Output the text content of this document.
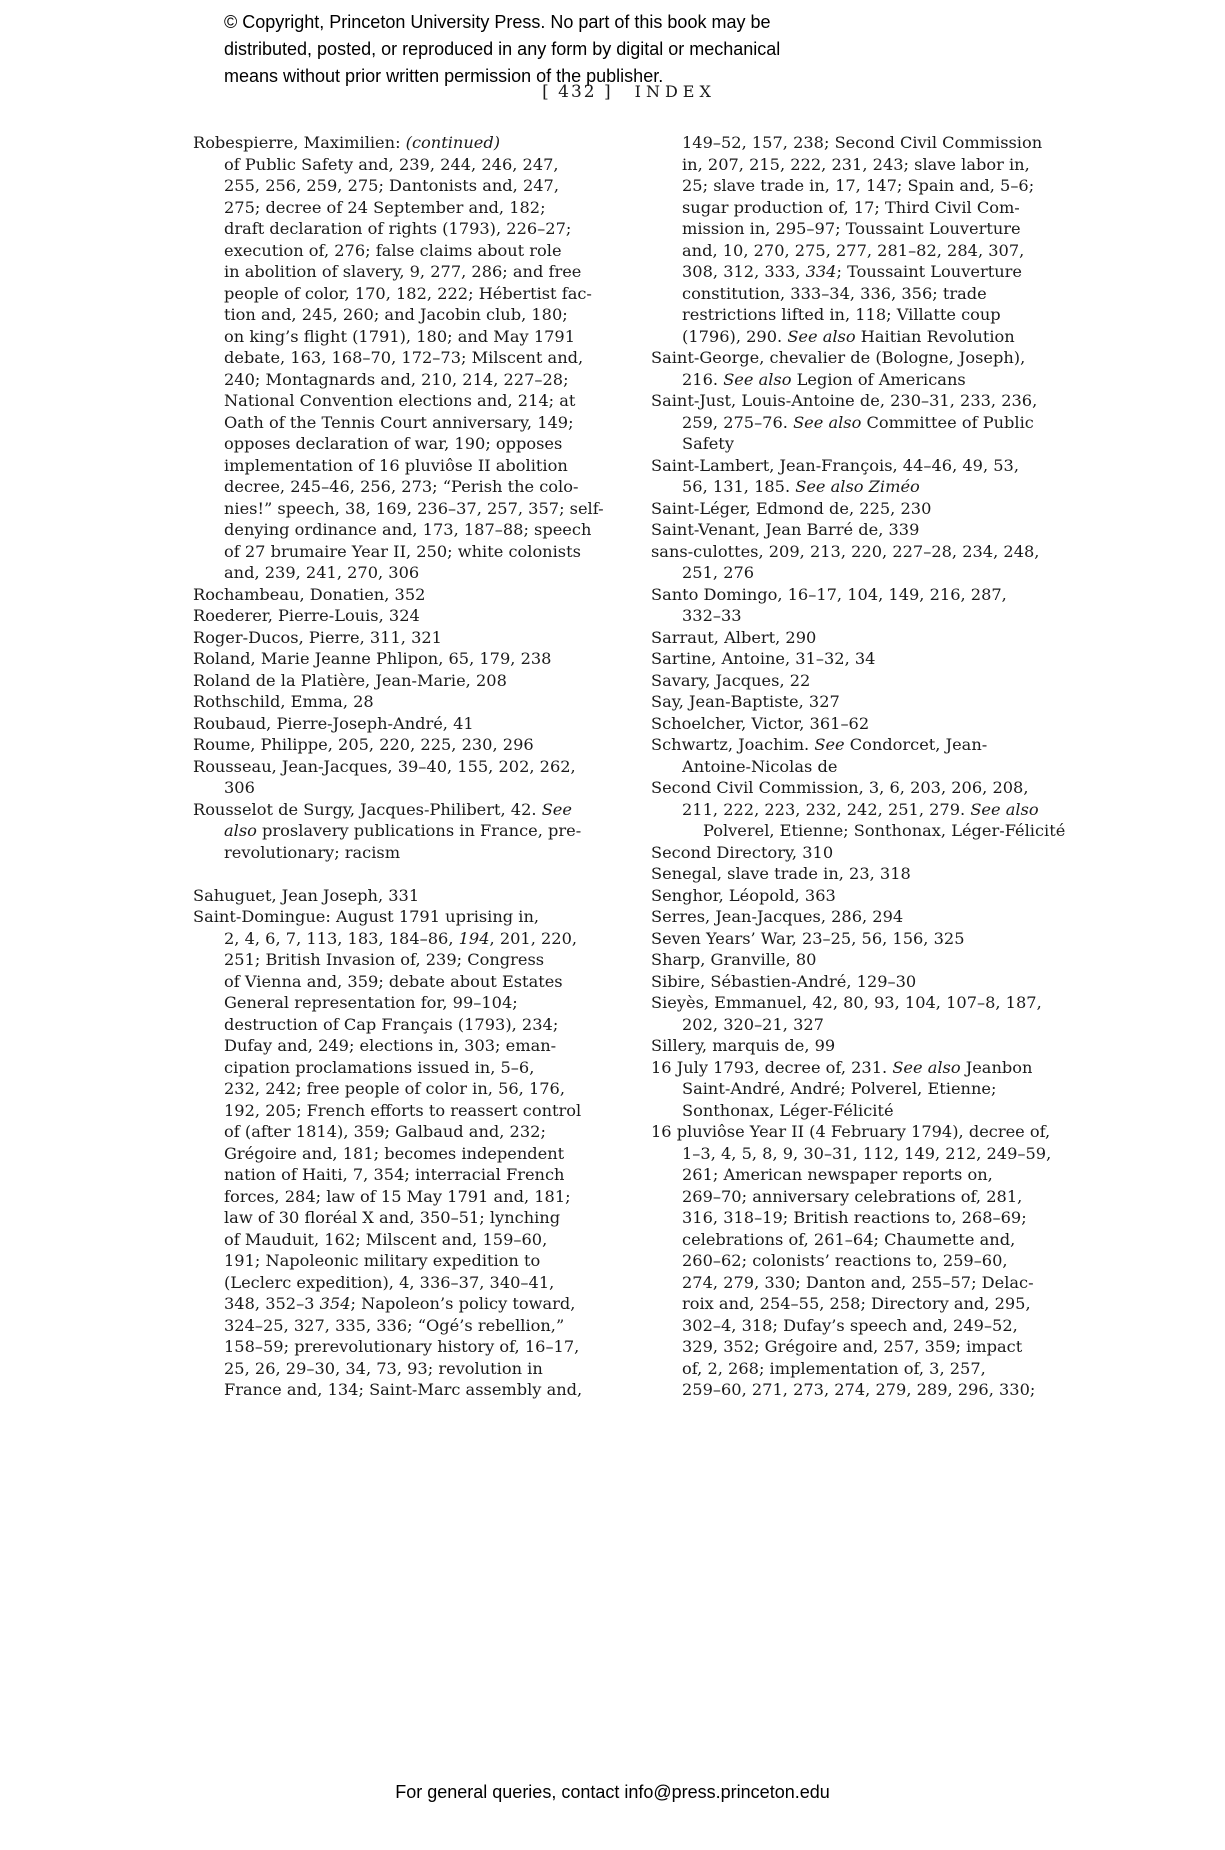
© Copyright, Princeton University Press. No part of this book may be
distributed, posted, or reproduced in any form by digital or mechanical
means without prior written permission of the publisher.
[ 432 ] INDEX
Robespierre, Maximilien: (continued)
of Public Safety and, 239, 244, 246, 247,
255, 256, 259, 275; Dantonists and, 247,
275; decree of 24 September and, 182;
draft declaration of rights (1793), 226–27;
execution of, 276; false claims about role
in abolition of slavery, 9, 277, 286; and free
people of color, 170, 182, 222; Hébertist fac-
tion and, 245, 260; and Jacobin club, 180;
on king’s flight (1791), 180; and May 1791
debate, 163, 168–70, 172–73; Milscent and,
240; Montagnards and, 210, 214, 227–28;
National Convention elections and, 214; at
Oath of the Tennis Court anniversary, 149;
opposes declaration of war, 190; opposes
implementation of 16 pluviôse II abolition
decree, 245–46, 256, 273; “Perish the colo-
nies!” speech, 38, 169, 236–37, 257, 357; self-
denying ordinance and, 173, 187–88; speech
of 27 brumaire Year II, 250; white colonists
and, 239, 241, 270, 306
Rochambeau, Donatien, 352
Roederer, Pierre-Louis, 324
Roger-Ducos, Pierre, 311, 321
Roland, Marie Jeanne Phlipon, 65, 179, 238
Roland de la Platière, Jean-Marie, 208
Rothschild, Emma, 28
Roubaud, Pierre-Joseph-André, 41
Roume, Philippe, 205, 220, 225, 230, 296
Rousseau, Jean-Jacques, 39–40, 155, 202, 262,
306
Rousselot de Surgy, Jacques-Philibert, 42. See
also proslavery publications in France, pre-
revolutionary; racism
Sahuguet, Jean Joseph, 331
Saint-Domingue: August 1791 uprising in,
2, 4, 6, 7, 113, 183, 184–86, 194, 201, 220,
251; British Invasion of, 239; Congress
of Vienna and, 359; debate about Estates
General representation for, 99–104;
destruction of Cap Français (1793), 234;
Dufay and, 249; elections in, 303; eman-
cipation proclamations issued in, 5–6,
232, 242; free people of color in, 56, 176,
192, 205; French efforts to reassert control
of (after 1814), 359; Galbaud and, 232;
Grégoire and, 181; becomes independent
nation of Haiti, 7, 354; interracial French
forces, 284; law of 15 May 1791 and, 181;
law of 30 floréal X and, 350–51; lynching
of Mauduit, 162; Milscent and, 159–60,
191; Napoleonic military expedition to
(Leclerc expedition), 4, 336–37, 340–41,
348, 352–3 354; Napoleon’s policy toward,
324–25, 327, 335, 336; “Ogé’s rebellion,”
158–59; prerevolutionary history of, 16–17,
25, 26, 29–30, 34, 73, 93; revolution in
France and, 134; Saint-Marc assembly and,
149–52, 157, 238; Second Civil Commission
in, 207, 215, 222, 231, 243; slave labor in,
25; slave trade in, 17, 147; Spain and, 5–6;
sugar production of, 17; Third Civil Com-
mission in, 295–97; Toussaint Louverture
and, 10, 270, 275, 277, 281–82, 284, 307,
308, 312, 333, 334; Toussaint Louverture
constitution, 333–34, 336, 356; trade
restrictions lifted in, 118; Villatte coup
(1796), 290. See also Haitian Revolution
Saint-George, chevalier de (Bologne, Joseph),
216. See also Legion of Americans
Saint-Just, Louis-Antoine de, 230–31, 233, 236,
259, 275–76. See also Committee of Public
Safety
Saint-Lambert, Jean-François, 44–46, 49, 53,
56, 131, 185. See also Ziméo
Saint-Léger, Edmond de, 225, 230
Saint-Venant, Jean Barré de, 339
sans-culottes, 209, 213, 220, 227–28, 234, 248,
251, 276
Santo Domingo, 16–17, 104, 149, 216, 287,
332–33
Sarraut, Albert, 290
Sartine, Antoine, 31–32, 34
Savary, Jacques, 22
Say, Jean-Baptiste, 327
Schoelcher, Victor, 361–62
Schwartz, Joachim. See Condorcet, Jean-
Antoine-Nicolas de
Second Civil Commission, 3, 6, 203, 206, 208,
211, 222, 223, 232, 242, 251, 279. See also
Polverel, Etienne; Sonthonax, Léger-Félicité
Second Directory, 310
Senegal, slave trade in, 23, 318
Senghor, Léopold, 363
Serres, Jean-Jacques, 286, 294
Seven Years’ War, 23–25, 56, 156, 325
Sharp, Granville, 80
Sibire, Sébastien-André, 129–30
Sieyès, Emmanuel, 42, 80, 93, 104, 107–8, 187,
202, 320–21, 327
Sillery, marquis de, 99
16 July 1793, decree of, 231. See also Jeanbon
Saint-André, André; Polverel, Etienne;
Sonthonax, Léger-Félicité
16 pluviôse Year II (4 February 1794), decree of,
1–3, 4, 5, 8, 9, 30–31, 112, 149, 212, 249–59,
261; American newspaper reports on,
269–70; anniversary celebrations of, 281,
316, 318–19; British reactions to, 268–69;
celebrations of, 261–64; Chaumette and,
260–62; colonists’ reactions to, 259–60,
274, 279, 330; Danton and, 255–57; Delac-
roix and, 254–55, 258; Directory and, 295,
302–4, 318; Dufay’s speech and, 249–52,
329, 352; Grégoire and, 257, 359; impact
of, 2, 268; implementation of, 3, 257,
259–60, 271, 273, 274, 279, 289, 296, 330;
For general queries, contact info@press.princeton.edu
